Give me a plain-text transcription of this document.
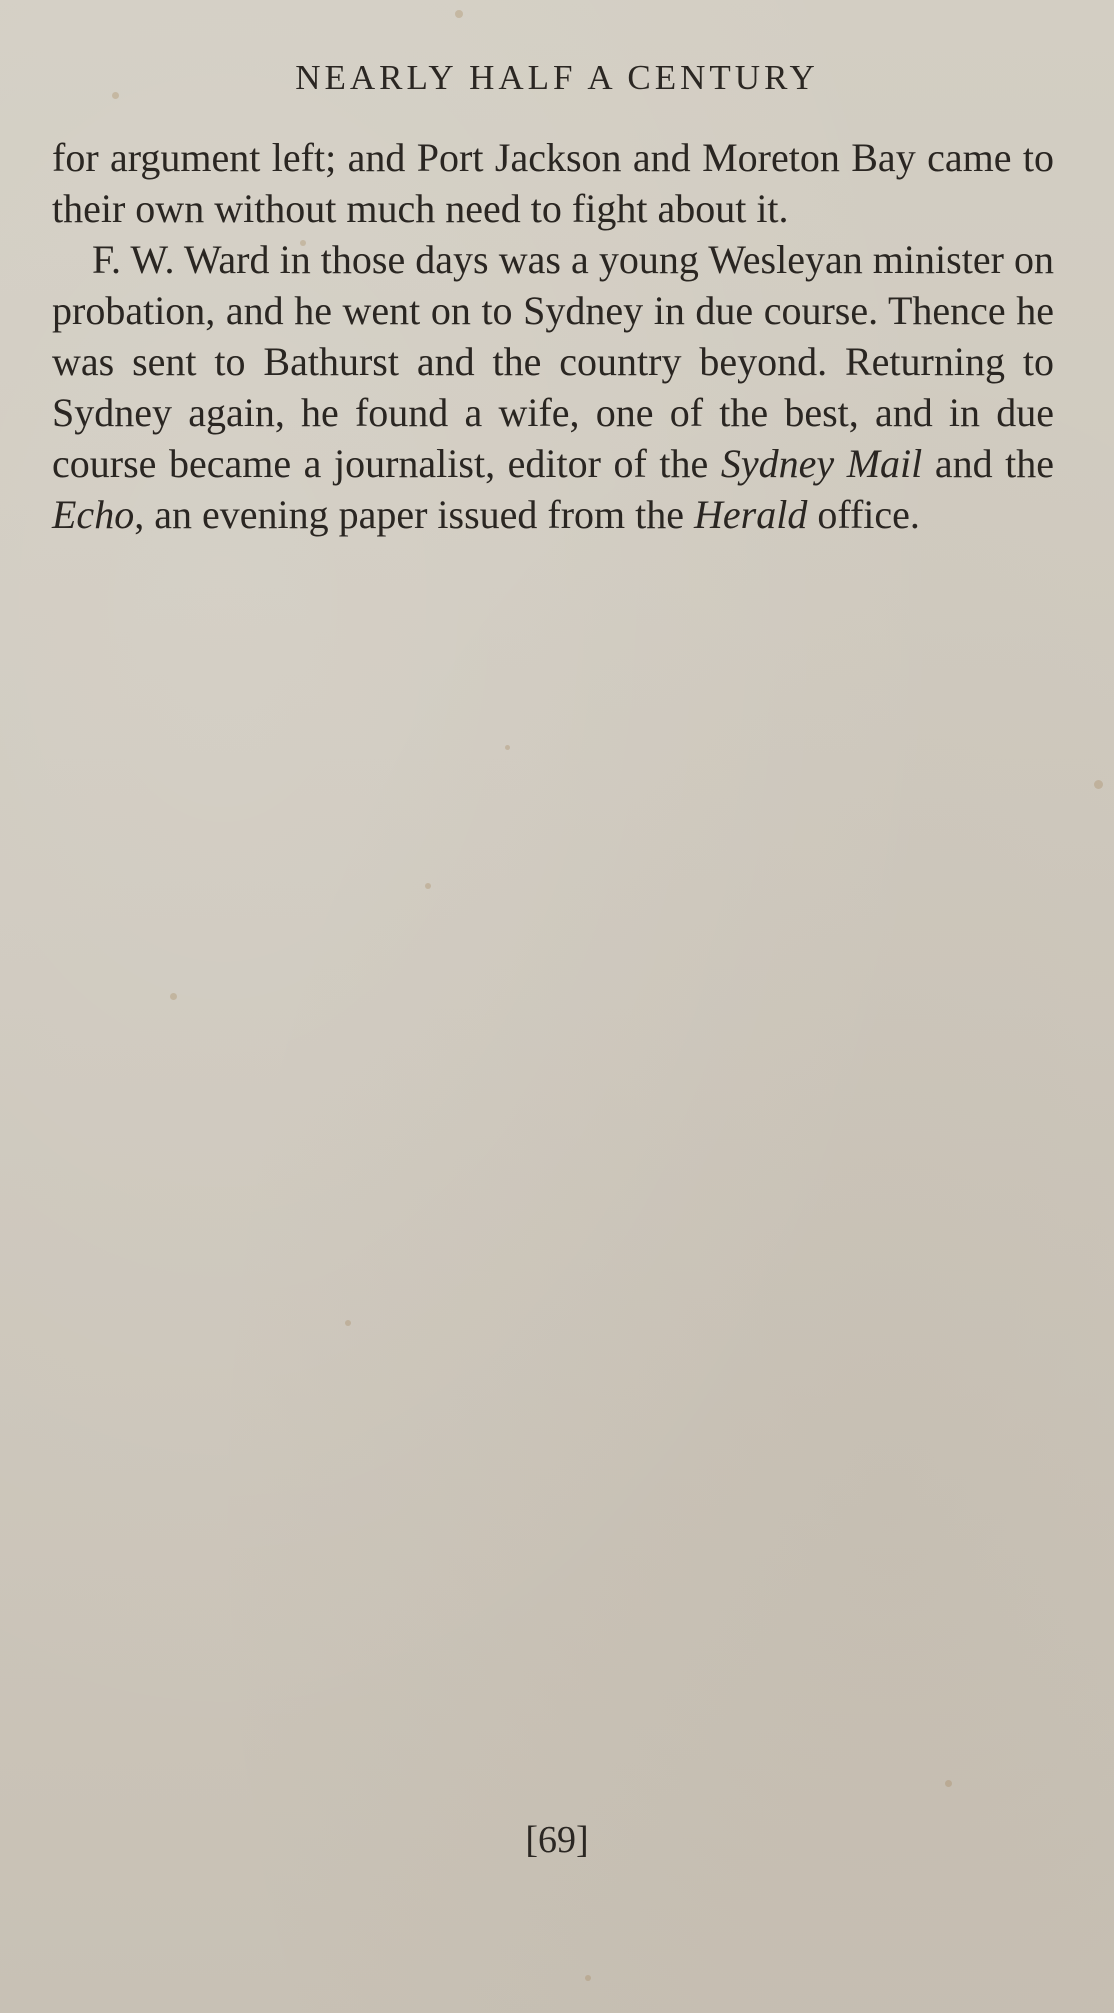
NEARLY HALF A CENTURY

for argument left; and Port Jackson and Moreton Bay came to their own without much need to fight about it.

F. W. Ward in those days was a young Wesleyan minister on probation, and he went on to Sydney in due course. Thence he was sent to Bathurst and the country beyond. Returning to Sydney again, he found a wife, one of the best, and in due course became a journalist, editor of the Sydney Mail and the Echo, an evening paper issued from the Herald office.

[69]
